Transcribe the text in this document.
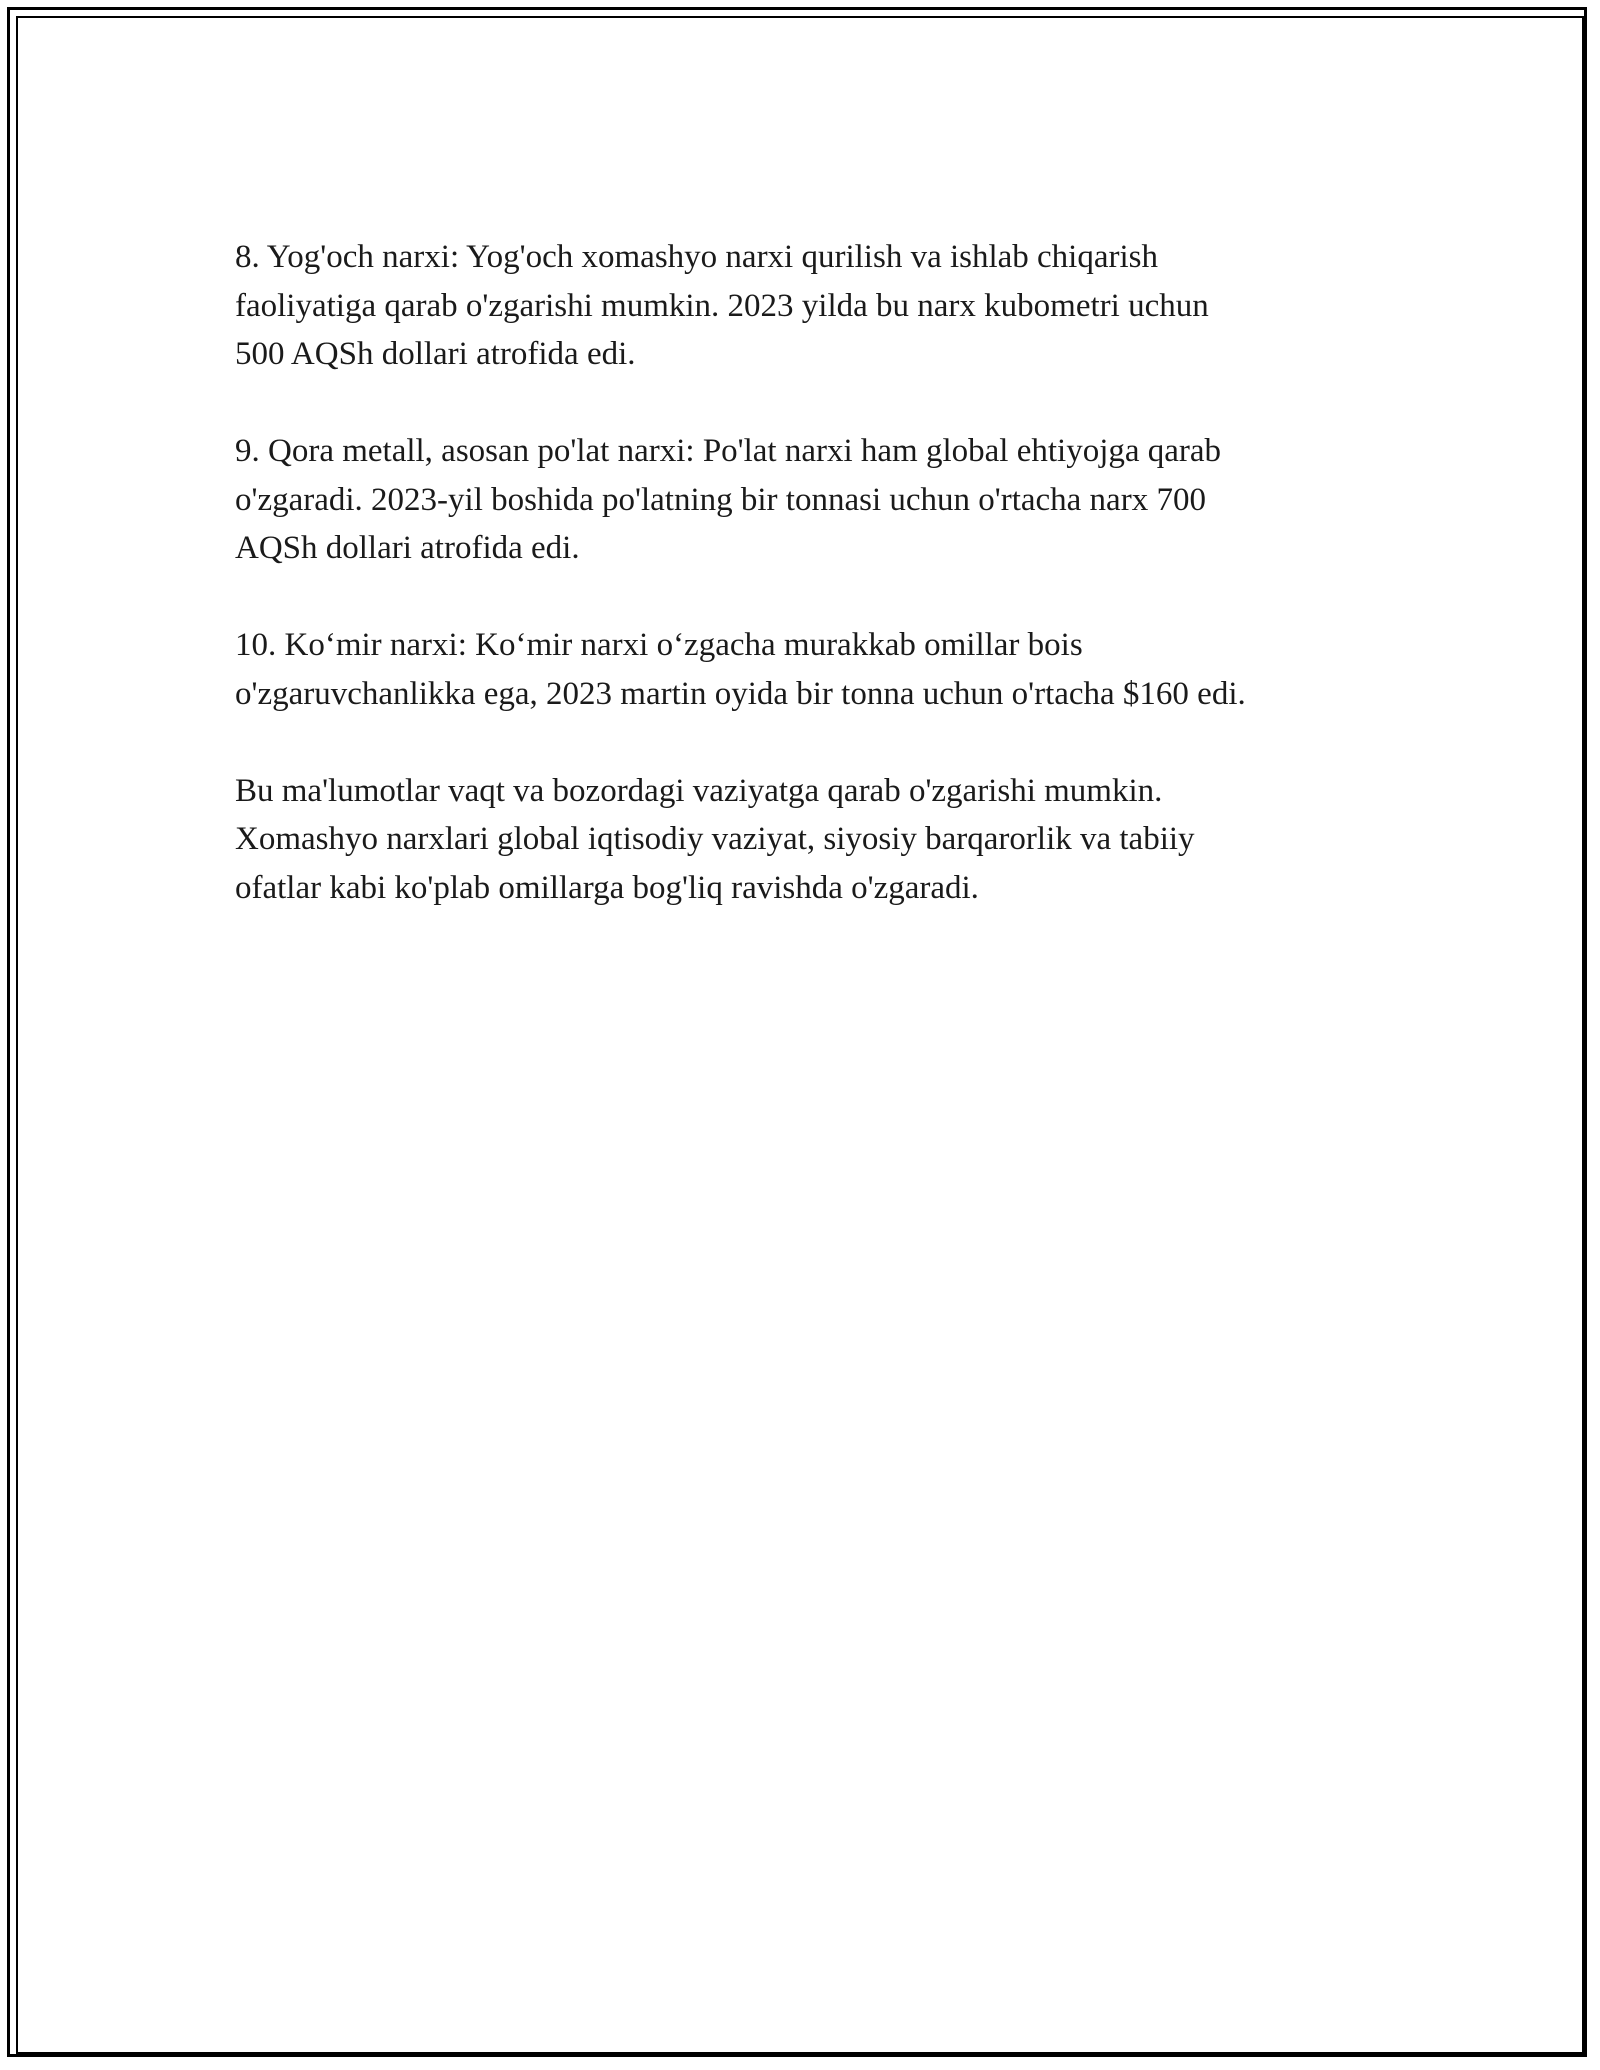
8. Yog'och narxi: Yog'och xomashyo narxi qurilish va ishlab chiqarish
faoliyatiga qarab o'zgarishi mumkin. 2023 yilda bu narx kubometri uchun
500 AQSh dollari atrofida edi.

9. Qora metall, asosan po'lat narxi: Po'lat narxi ham global ehtiyojga qarab
o'zgaradi. 2023-yil boshida po'latning bir tonnasi uchun o'rtacha narx 700
AQSh dollari atrofida edi.

10. Ko‘mir narxi: Ko‘mir narxi o‘zgacha murakkab omillar bois
o'zgaruvchanlikka ega, 2023 martin oyida bir tonna uchun o'rtacha $160 edi.

Bu ma'lumotlar vaqt va bozordagi vaziyatga qarab o'zgarishi mumkin.
Xomashyo narxlari global iqtisodiy vaziyat, siyosiy barqarorlik va tabiiy
ofatlar kabi ko'plab omillarga bog'liq ravishda o'zgaradi.
